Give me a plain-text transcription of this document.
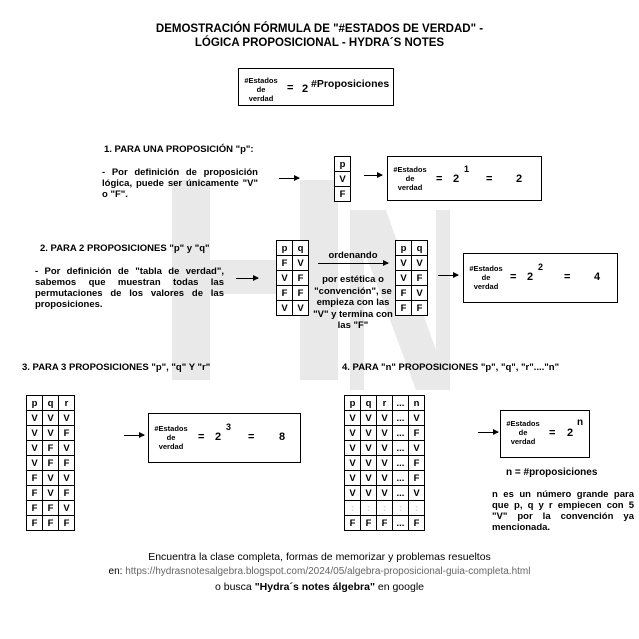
DEMOSTRACIÓN FÓRMULA DE "#ESTADOS DE VERDAD" -
LÓGICA PROPOSICIONAL - HYDRA´S NOTES
#Estados
de
verdad
= 2 #Proposiciones
1. PARA UNA PROPOSICIÓN "p":
- Por definición de proposición lógica, puede ser únicamente "V" o "F".
p
V
F
#Estados
de
verdad
= 2
1
= 2
2. PARA 2 PROPOSICIONES "p" y "q"
- Por definición de "tabla de verdad", sabemos que muestran todas las permutaciones de los valores de las proposiciones.
p	q
F	V
V	F
F	F
V	V
ordenando
por estética o "convención", se empieza con las "V" y termina con las "F"
p	q
V	V
V	F
F	V
F	F
#Estados
de
verdad
= 2
2
= 4
3. PARA 3 PROPOSICIONES "p", "q" Y "r"
p	q	r
V	V	V
V	V	F
V	F	V
V	F	F
F	V	V
F	V	F
F	F	V
F	F	F
#Estados
de
verdad
= 2
3
= 8
4. PARA "n" PROPOSICIONES "p", "q", "r"...."n"
p	q	r	...	n
V	V	V	...	V
V	V	V	...	F
V	V	V	...	V
V	V	V	...	F
V	V	V	...	F
V	V	V	...	V
:	:	:	:	:
F	F	F	...	F
#Estados
de
verdad
= 2
n
n = #proposiciones
n es un número grande para que p, q y r empiecen con 5 "V" por la convención ya mencionada.
Encuentra la clase completa, formas de memorizar y problemas resueltos
en: https://hydrasnotesalgebra.blogspot.com/2024/05/algebra-proposicional-guia-completa.html
o busca "Hydra´s notes álgebra" en google
